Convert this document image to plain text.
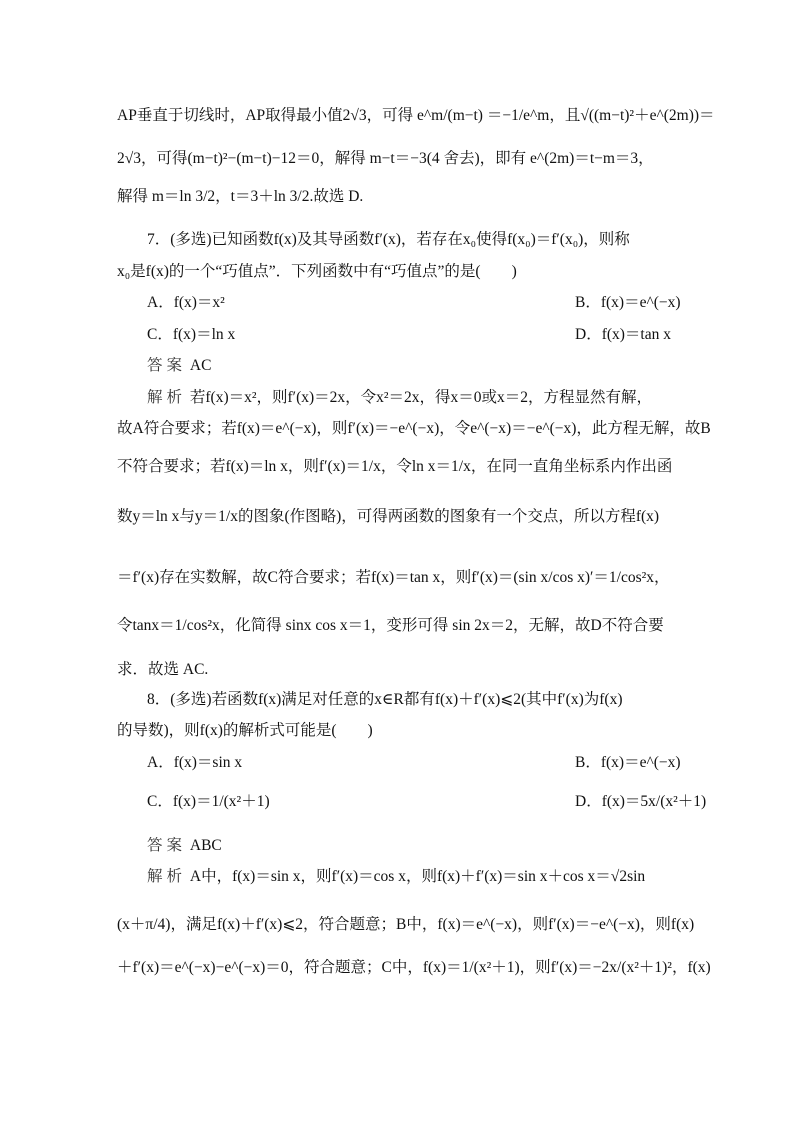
AP垂直于切线时，AP取得最小值2√3，可得 e^m/(m−t) ＝−1/e^m，且√((m−t)²＋e^(2m))＝
2√3，可得(m−t)²−(m−t)−12＝0，解得 m−t＝−3(4 舍去)，即有 e^(2m)＝t−m＝3，
解得 m＝ln 3/2，t＝3＋ln 3/2.故选 D.
7．(多选)已知函数f(x)及其导函数f′(x)，若存在x₀使得f(x₀)＝f′(x₀)，则称
x₀是f(x)的一个“巧值点”．下列函数中有“巧值点”的是(　　)
A．f(x)＝x²	B．f(x)＝e^(−x)
C．f(x)＝ln x	D．f(x)＝tan x
答案 AC
解析 若f(x)＝x²，则f′(x)＝2x，令x²＝2x，得x＝0或x＝2，方程显然有解，
故A符合要求；若f(x)＝e^(−x)，则f′(x)＝−e^(−x)，令e^(−x)＝−e^(−x)，此方程无解，故B
不符合要求；若f(x)＝ln x，则f′(x)＝1/x，令ln x＝1/x，在同一直角坐标系内作出函
数y＝ln x与y＝1/x的图象(作图略)，可得两函数的图象有一个交点，所以方程f(x)
＝f′(x)存在实数解，故C符合要求；若f(x)＝tan x，则f′(x)＝(sin x/cos x)′＝1/cos²x，
令tanx＝1/cos²x，化简得 sinx cos x＝1，变形可得 sin 2x＝2，无解，故D不符合要
求．故选 AC.
8．(多选)若函数f(x)满足对任意的x∈R都有f(x)＋f′(x)⩽2(其中f′(x)为f(x)
的导数)，则f(x)的解析式可能是(　　)
A．f(x)＝sin x	B．f(x)＝e^(−x)
C．f(x)＝1/(x²＋1)	D．f(x)＝5x/(x²＋1)
答案 ABC
解析 A中，f(x)＝sin x，则f′(x)＝cos x，则f(x)＋f′(x)＝sin x＋cos x＝√2sin
(x＋π/4)，满足f(x)＋f′(x)⩽2，符合题意；B中，f(x)＝e^(−x)，则f′(x)＝−e^(−x)，则f(x)
＋f′(x)＝e^(−x)−e^(−x)＝0，符合题意；C中，f(x)＝1/(x²＋1)，则f′(x)＝−2x/(x²＋1)²，f(x)
